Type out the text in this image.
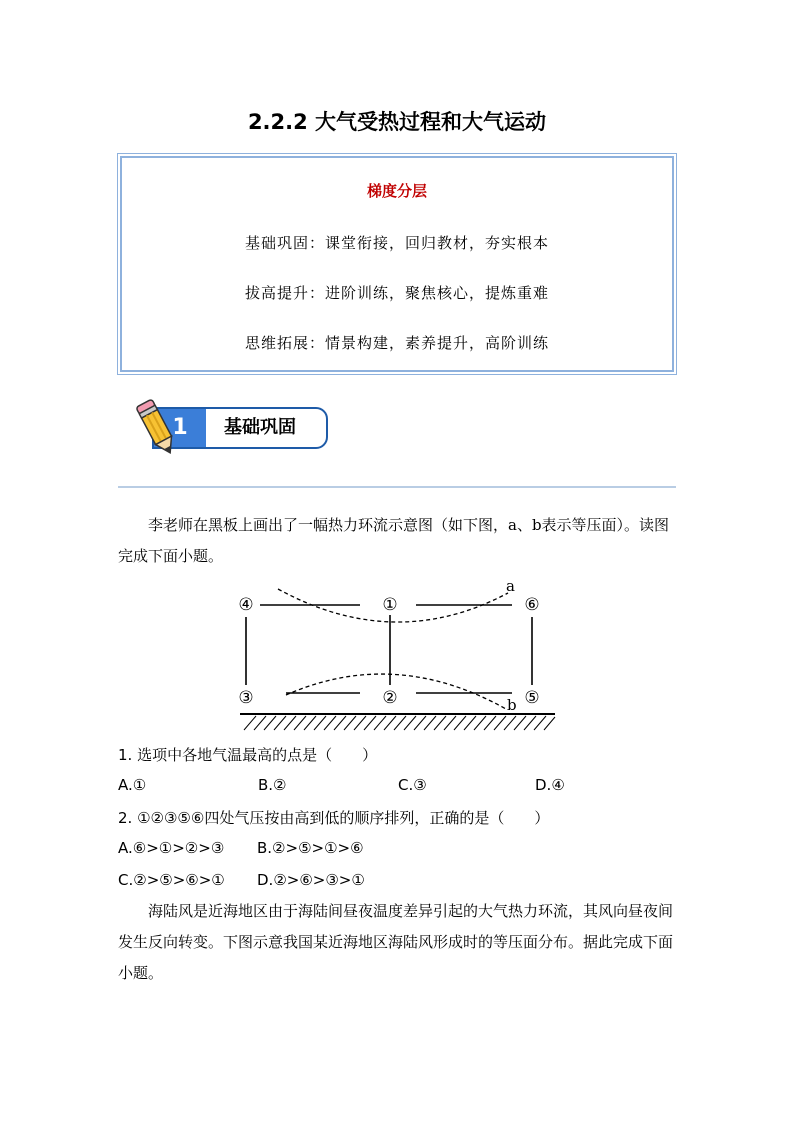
2.2.2 大气受热过程和大气运动
梯度分层
基础巩固：课堂衔接，回归教材，夯实根本
拔高提升：进阶训练，聚焦核心，提炼重难
思维拓展：情景构建，素养提升，高阶训练
1	基础巩固

李老师在黑板上画出了一幅热力环流示意图（如下图，a、b表示等压面）。读图完成下面小题。

④	①	⑥
③	②	⑤
a
b
1. 选项中各地气温最高的点是（　　）
A.①	B.②	C.③	D.④
2. ①②③⑤⑥四处气压按由高到低的顺序排列，正确的是（　　）
A.⑥>①>②>③ B.②>⑤>①>⑥
C.②>⑤>⑥>① D.②>⑥>③>①

海陆风是近海地区由于海陆间昼夜温度差异引起的大气热力环流，其风向昼夜间发生反向转变。下图示意我国某近海地区海陆风形成时的等压面分布。据此完成下面小题。
